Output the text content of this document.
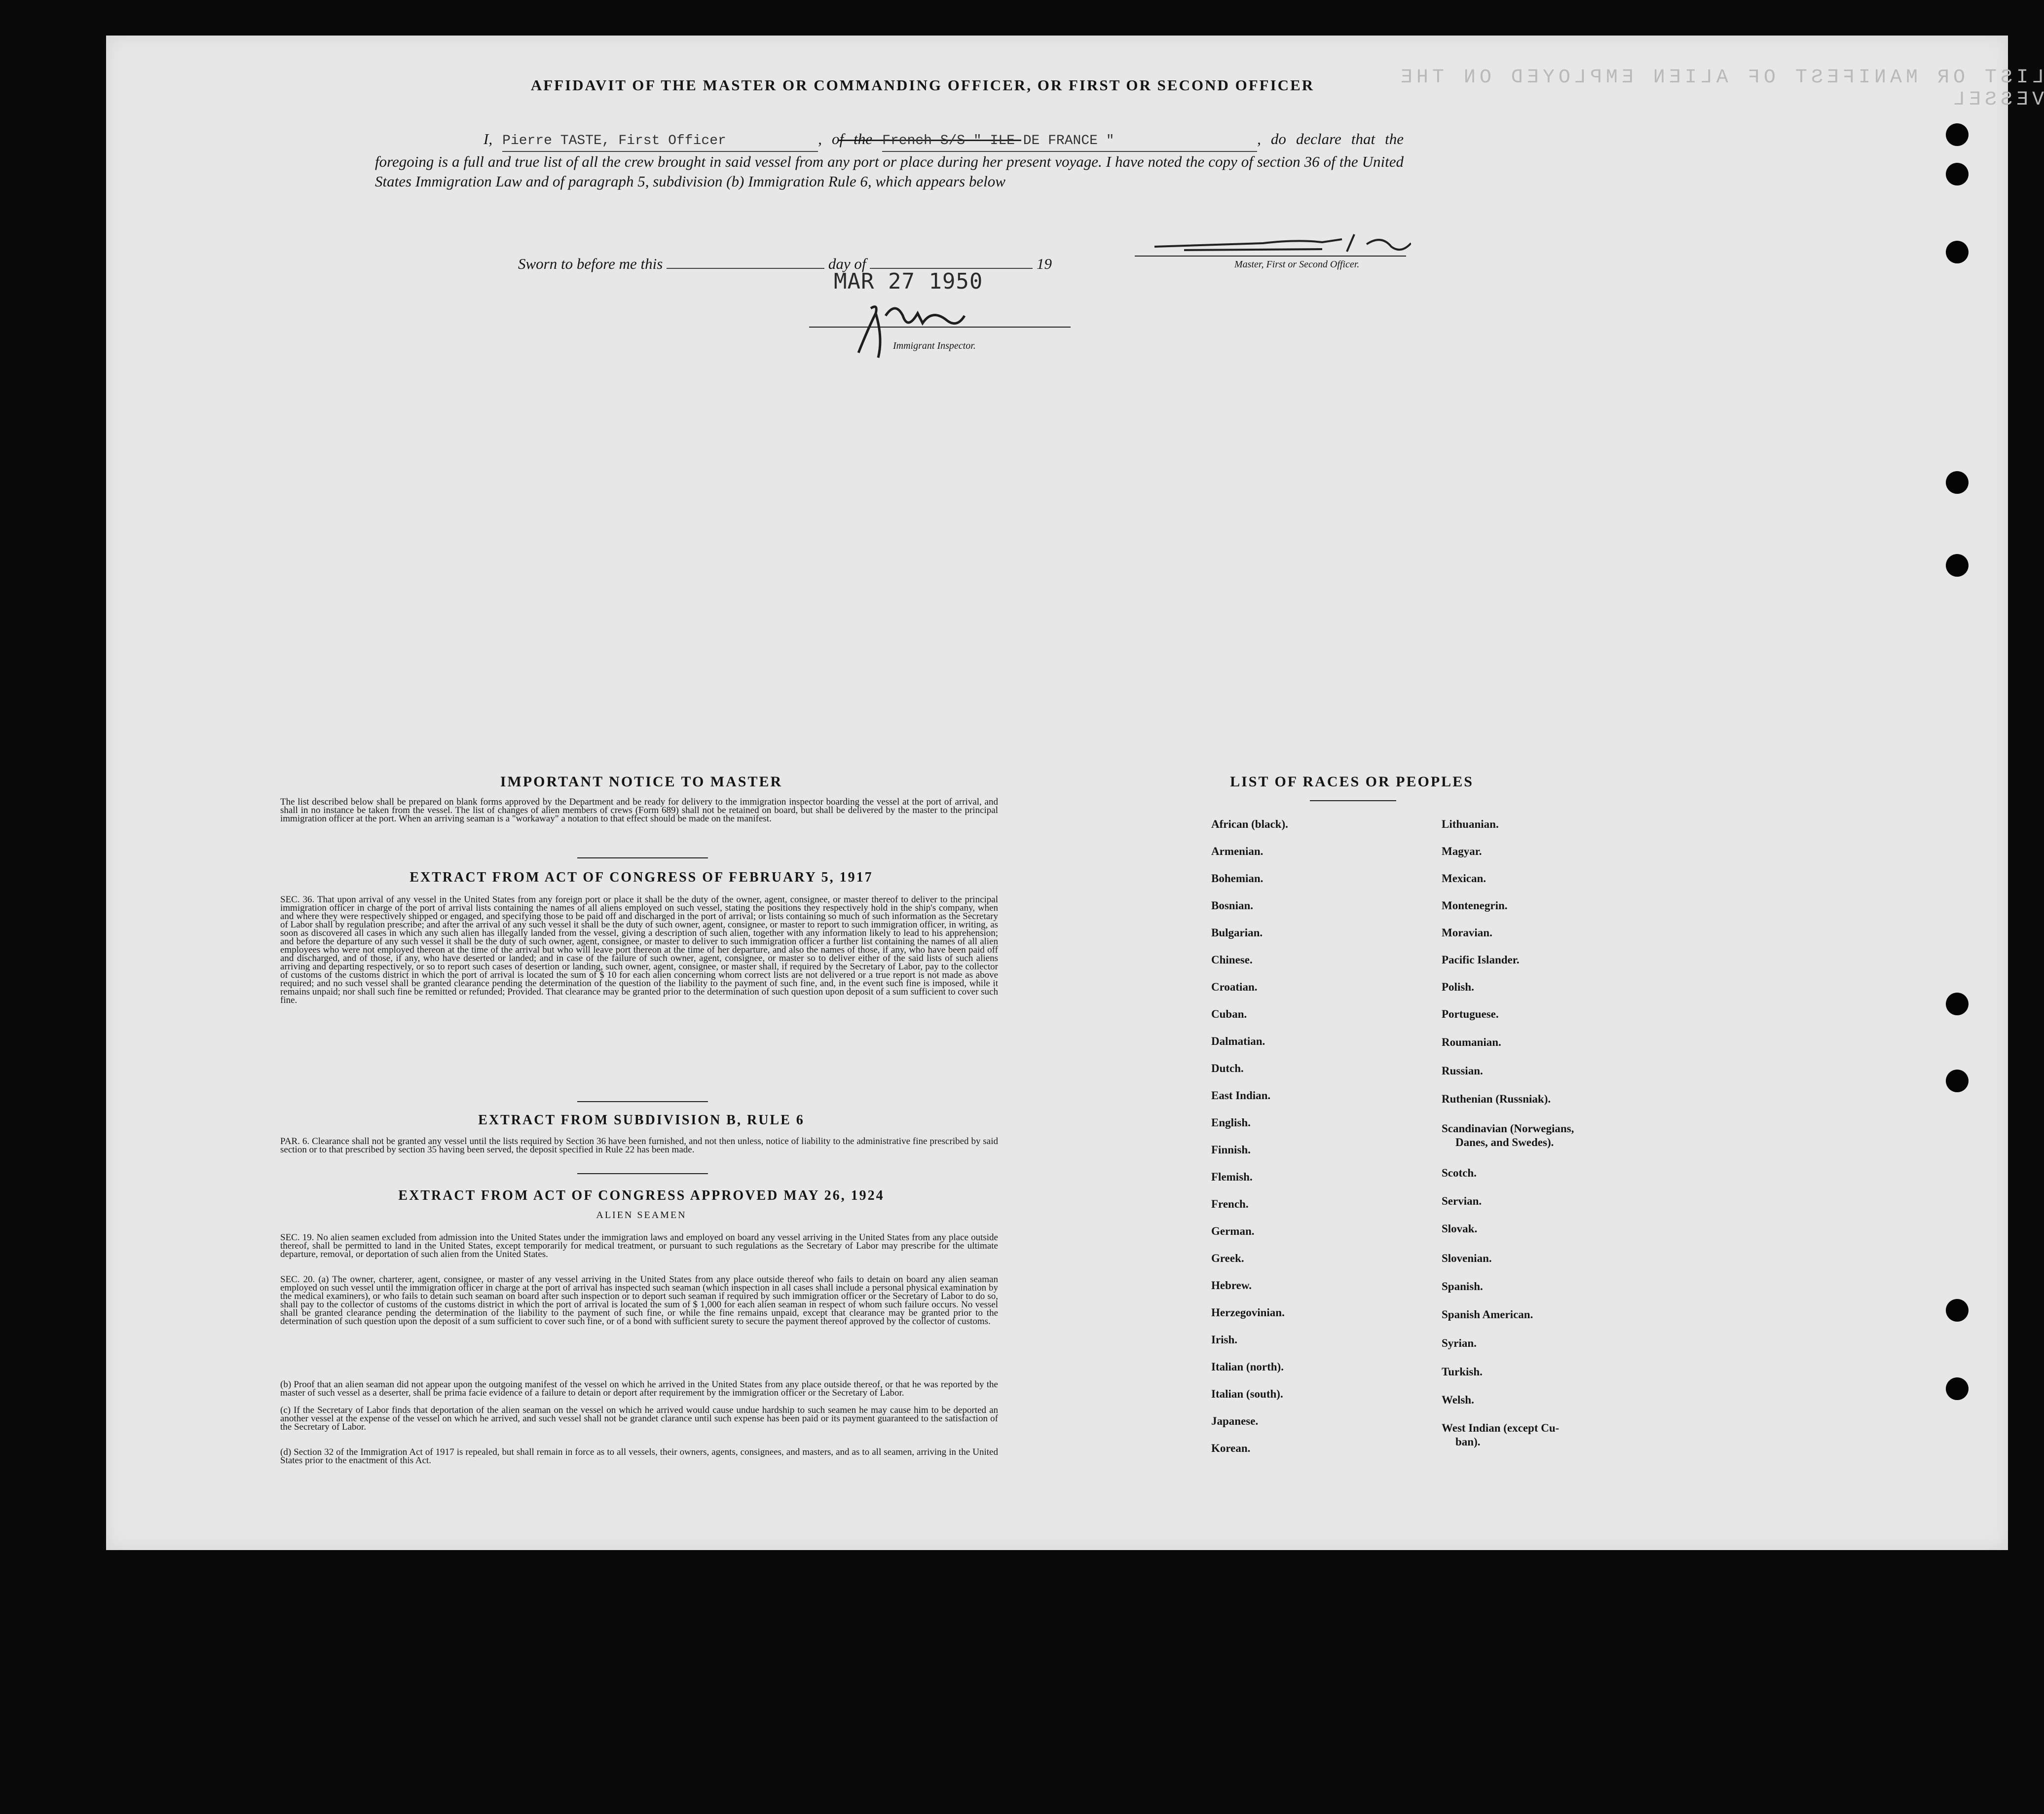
LIST OR MANIFEST OF ALIEN EMPLOYED ON THE VESSEL
AFFIDAVIT OF THE MASTER OR COMMANDING OFFICER, OR FIRST OR SECOND OFFICER
I, Pierre TASTE, First Officer	, of the French S/S " ILE DE FRANCE "	, do declare that the foregoing is a full and true list of all the crew brought in said vessel from any port or place during her present voyage. I have noted the copy of section 36 of the United States Immigration Law and of paragraph 5, subdivision (b) Immigration Rule 6, which appears below
Master, First or Second Officer.
MAR 27 1950
Sworn to before me this	day of	19
Immigrant Inspector.
IMPORTANT NOTICE TO MASTER
The list described below shall be prepared on blank forms approved by the Department and be ready for delivery to the immigration inspector boarding the vessel at the port of arrival, and shall in no instance be taken from the vessel. The list of changes of alien members of crews (Form 689) shall not be retained on board, but shall be delivered by the master to the principal immigration officer at the port. When an arriving seaman is a "workaway" a notation to that effect should be made on the manifest.
EXTRACT FROM ACT OF CONGRESS OF FEBRUARY 5, 1917
SEC. 36. That upon arrival of any vessel in the United States from any foreign port or place it shall be the duty of the owner, agent, consignee, or master thereof to deliver to the principal immigration officer in charge of the port of arrival lists containing the names of all aliens employed on such vessel, stating the positions they respectively hold in the ship's company, when and where they were respectively shipped or engaged, and specifying those to be paid off and discharged in the port of arrival; or lists containing so much of such information as the Secretary of Labor shall by regulation prescribe; and after the arrival of any such vessel it shall be the duty of such owner, agent, consignee, or master to report to such immigration officer, in writing, as soon as discovered all cases in which any such alien has illegally landed from the vessel, giving a description of such alien, together with any information likely to lead to his apprehension; and before the departure of any such vessel it shall be the duty of such owner, agent, consignee, or master to deliver to such immigration officer a further list containing the names of all alien employees who were not employed thereon at the time of the arrival but who will leave port thereon at the time of her departure, and also the names of those, if any, who have been paid off and discharged, and of those, if any, who have deserted or landed; and in case of the failure of such owner, agent, consignee, or master so to deliver either of the said lists of such aliens arriving and departing respectively, or so to report such cases of desertion or landing, such owner, agent, consignee, or master shall, if required by the Secretary of Labor, pay to the collector of customs of the customs district in which the port of arrival is located the sum of $ 10 for each alien concerning whom correct lists are not delivered or a true report is not made as above required; and no such vessel shall be granted clearance pending the determination of the question of the liability to the payment of such fine, and, in the event such fine is imposed, while it remains unpaid; nor shall such fine be remitted or refunded; Provided. That clearance may be granted prior to the determination of such question upon deposit of a sum sufficient to cover such fine.
EXTRACT FROM SUBDIVISION B, RULE 6
PAR. 6. Clearance shall not be granted any vessel until the lists required by Section 36 have been furnished, and not then unless, notice of liability to the administrative fine prescribed by said section or to that prescribed by section 35 having been served, the deposit specified in Rule 22 has been made.
EXTRACT FROM ACT OF CONGRESS APPROVED MAY 26, 1924
ALIEN SEAMEN
SEC. 19. No alien seamen excluded from admission into the United States under the immigration laws and employed on board any vessel arriving in the United States from any place outside thereof, shall be permitted to land in the United States, except temporarily for medical treatment, or pursuant to such regulations as the Secretary of Labor may prescribe for the ultimate departure, removal, or deportation of such alien from the United States.
SEC. 20. (a) The owner, charterer, agent, consignee, or master of any vessel arriving in the United States from any place outside thereof who fails to detain on board any alien seaman employed on such vessel until the immigration officer in charge at the port of arrival has inspected such seaman (which inspection in all cases shall include a personal physical examination by the medical examiners), or who fails to detain such seaman on board after such inspection or to deport such seaman if required by such immigration officer or the Secretary of Labor to do so, shall pay to the collector of customs of the customs district in which the port of arrival is located the sum of $ 1,000 for each alien seaman in respect of whom such failure occurs. No vessel shall be granted clearance pending the determination of the liability to the payment of such fine, or while the fine remains unpaid, except that clearance may be granted prior to the determination of such question upon the deposit of a sum sufficient to cover such fine, or of a bond with sufficient surety to secure the payment thereof approved by the collector of customs.
(b) Proof that an alien seaman did not appear upon the outgoing manifest of the vessel on which he arrived in the United States from any place outside thereof, or that he was reported by the master of such vessel as a deserter, shall be prima facie evidence of a failure to detain or deport after requirement by the immigration officer or the Secretary of Labor.
(c) If the Secretary of Labor finds that deportation of the alien seaman on the vessel on which he arrived would cause undue hardship to such seamen he may cause him to be deported an another vessel at the expense of the vessel on which he arrived, and such vessel shall not be grandet clarance until such expense has been paid or its payment guaranteed to the satisfaction of the Secretary of Labor.
(d) Section 32 of the Immigration Act of 1917 is repealed, but shall remain in force as to all vessels, their owners, agents, consignees, and masters, and as to all seamen, arriving in the United States prior to the enactment of this Act.
LIST OF RACES OR PEOPLES
African (black).
Armenian.
Bohemian.
Bosnian.
Bulgarian.
Chinese.
Croatian.
Cuban.
Dalmatian.
Dutch.
East Indian.
English.
Finnish.
Flemish.
French.
German.
Greek.
Hebrew.
Herzegovinian.
Irish.
Italian (north).
Italian (south).
Japanese.
Korean.
Lithuanian.
Magyar.
Mexican.
Montenegrin.
Moravian.
Pacific Islander.
Polish.
Portuguese.
Roumanian.
Russian.
Ruthenian (Russniak).
Scandinavian (Norwegians,
Danes, and Swedes).
Scotch.
Servian.
Slovak.
Slovenian.
Spanish.
Spanish American.
Syrian.
Turkish.
Welsh.
West Indian (except Cu-
ban).
